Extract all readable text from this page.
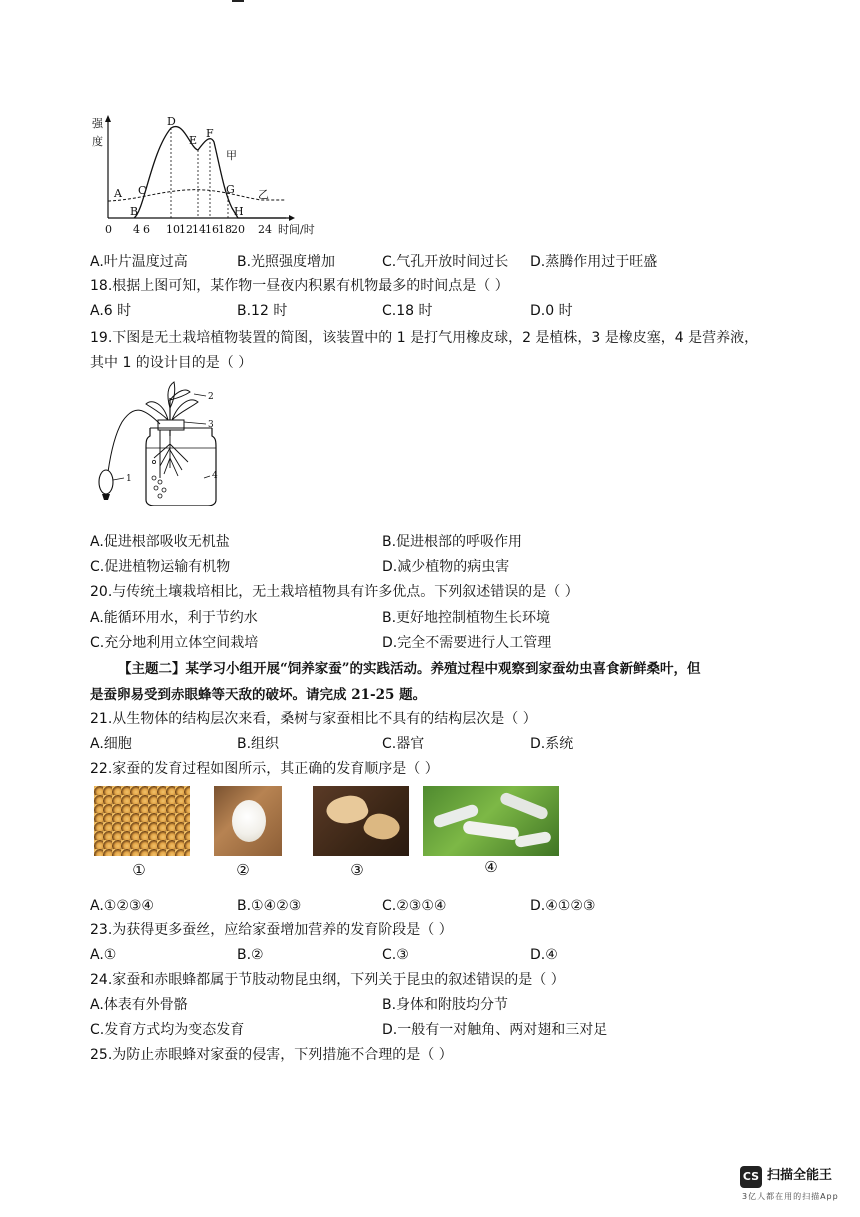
强
度
时间/时
0 4 6 10 12 14 16 18 20 24
A
B
C
D
E
F
G
H
甲
乙
A.叶片温度过高	B.光照强度增加	C.气孔开放时间过长 D.蒸腾作用过于旺盛
18.根据上图可知，某作物一昼夜内积累有机物最多的时间点是（ ）
A.6 时	B.12 时	C.18 时	D.0 时
19.下图是无土栽培植物装置的简图，该装置中的 1 是打气用橡皮球，2 是植株，3 是橡皮塞，4 是营养液，
其中 1 的设计目的是（ ）
1
2
3
4
A.促进根部吸收无机盐	B.促进根部的呼吸作用
C.促进植物运输有机物	D.减少植物的病虫害
20.与传统土壤栽培相比，无土栽培植物具有许多优点。下列叙述错误的是（ ）
A.能循环用水，利于节约水	B.更好地控制植物生长环境
C.充分地利用立体空间栽培	D.完全不需要进行人工管理
【主题二】某学习小组开展“饲养家蚕”的实践活动。养殖过程中观察到家蚕幼虫喜食新鲜桑叶，但
是蚕卵易受到赤眼蜂等天敌的破坏。请完成 21-25 题。
21.从生物体的结构层次来看，桑树与家蚕相比不具有的结构层次是（ ）
A.细胞	B.组织	C.器官	D.系统
22.家蚕的发育过程如图所示，其正确的发育顺序是（ ）
①	②	③	④
A.①②③④	B.①④②③	C.②③①④	D.④①②③
23.为获得更多蚕丝，应给家蚕增加营养的发育阶段是（ ）
A.①	B.②	C.③	D.④
24.家蚕和赤眼蜂都属于节肢动物昆虫纲，下列关于昆虫的叙述错误的是（ ）
A.体表有外骨骼	B.身体和附肢均分节
C.发育方式均为变态发育	D.一般有一对触角、两对翅和三对足
25.为防止赤眼蜂对家蚕的侵害，下列措施不合理的是（ ）
CS 扫描全能王
3亿人都在用的扫描App
